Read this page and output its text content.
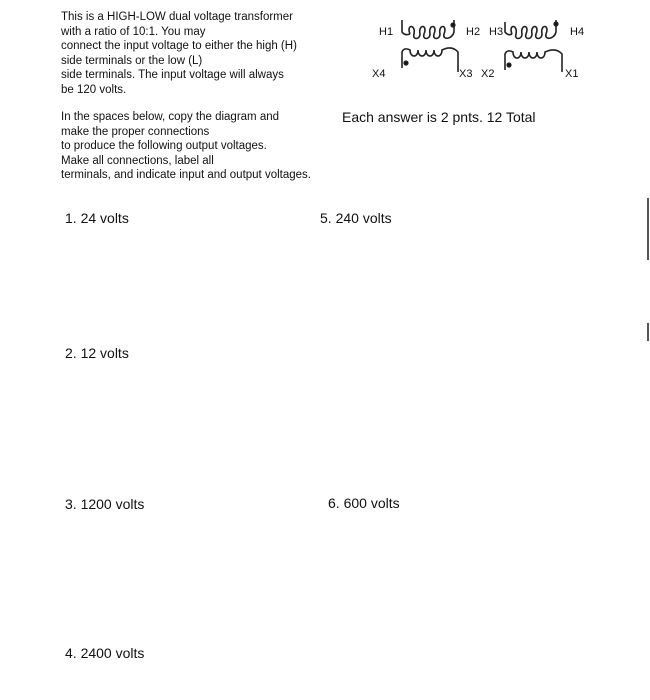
This is a HIGH-LOW dual voltage transformer
with a ratio of 10:1. You may
connect the input voltage to either the high (H)
side terminals or the low (L)
side terminals. The input voltage will always
be 120 volts.
In the spaces below, copy the diagram and
make the proper connections
to produce the following output voltages.
Make all connections, label all
terminals, and indicate input and output voltages.
Each answer is 2 pnts. 12 Total
H1	H2 H3	H4
X4	X3 X2	X1
1. 24 volts
2. 12 volts
3. 1200 volts
4. 2400 volts
5. 240 volts
6. 600 volts
